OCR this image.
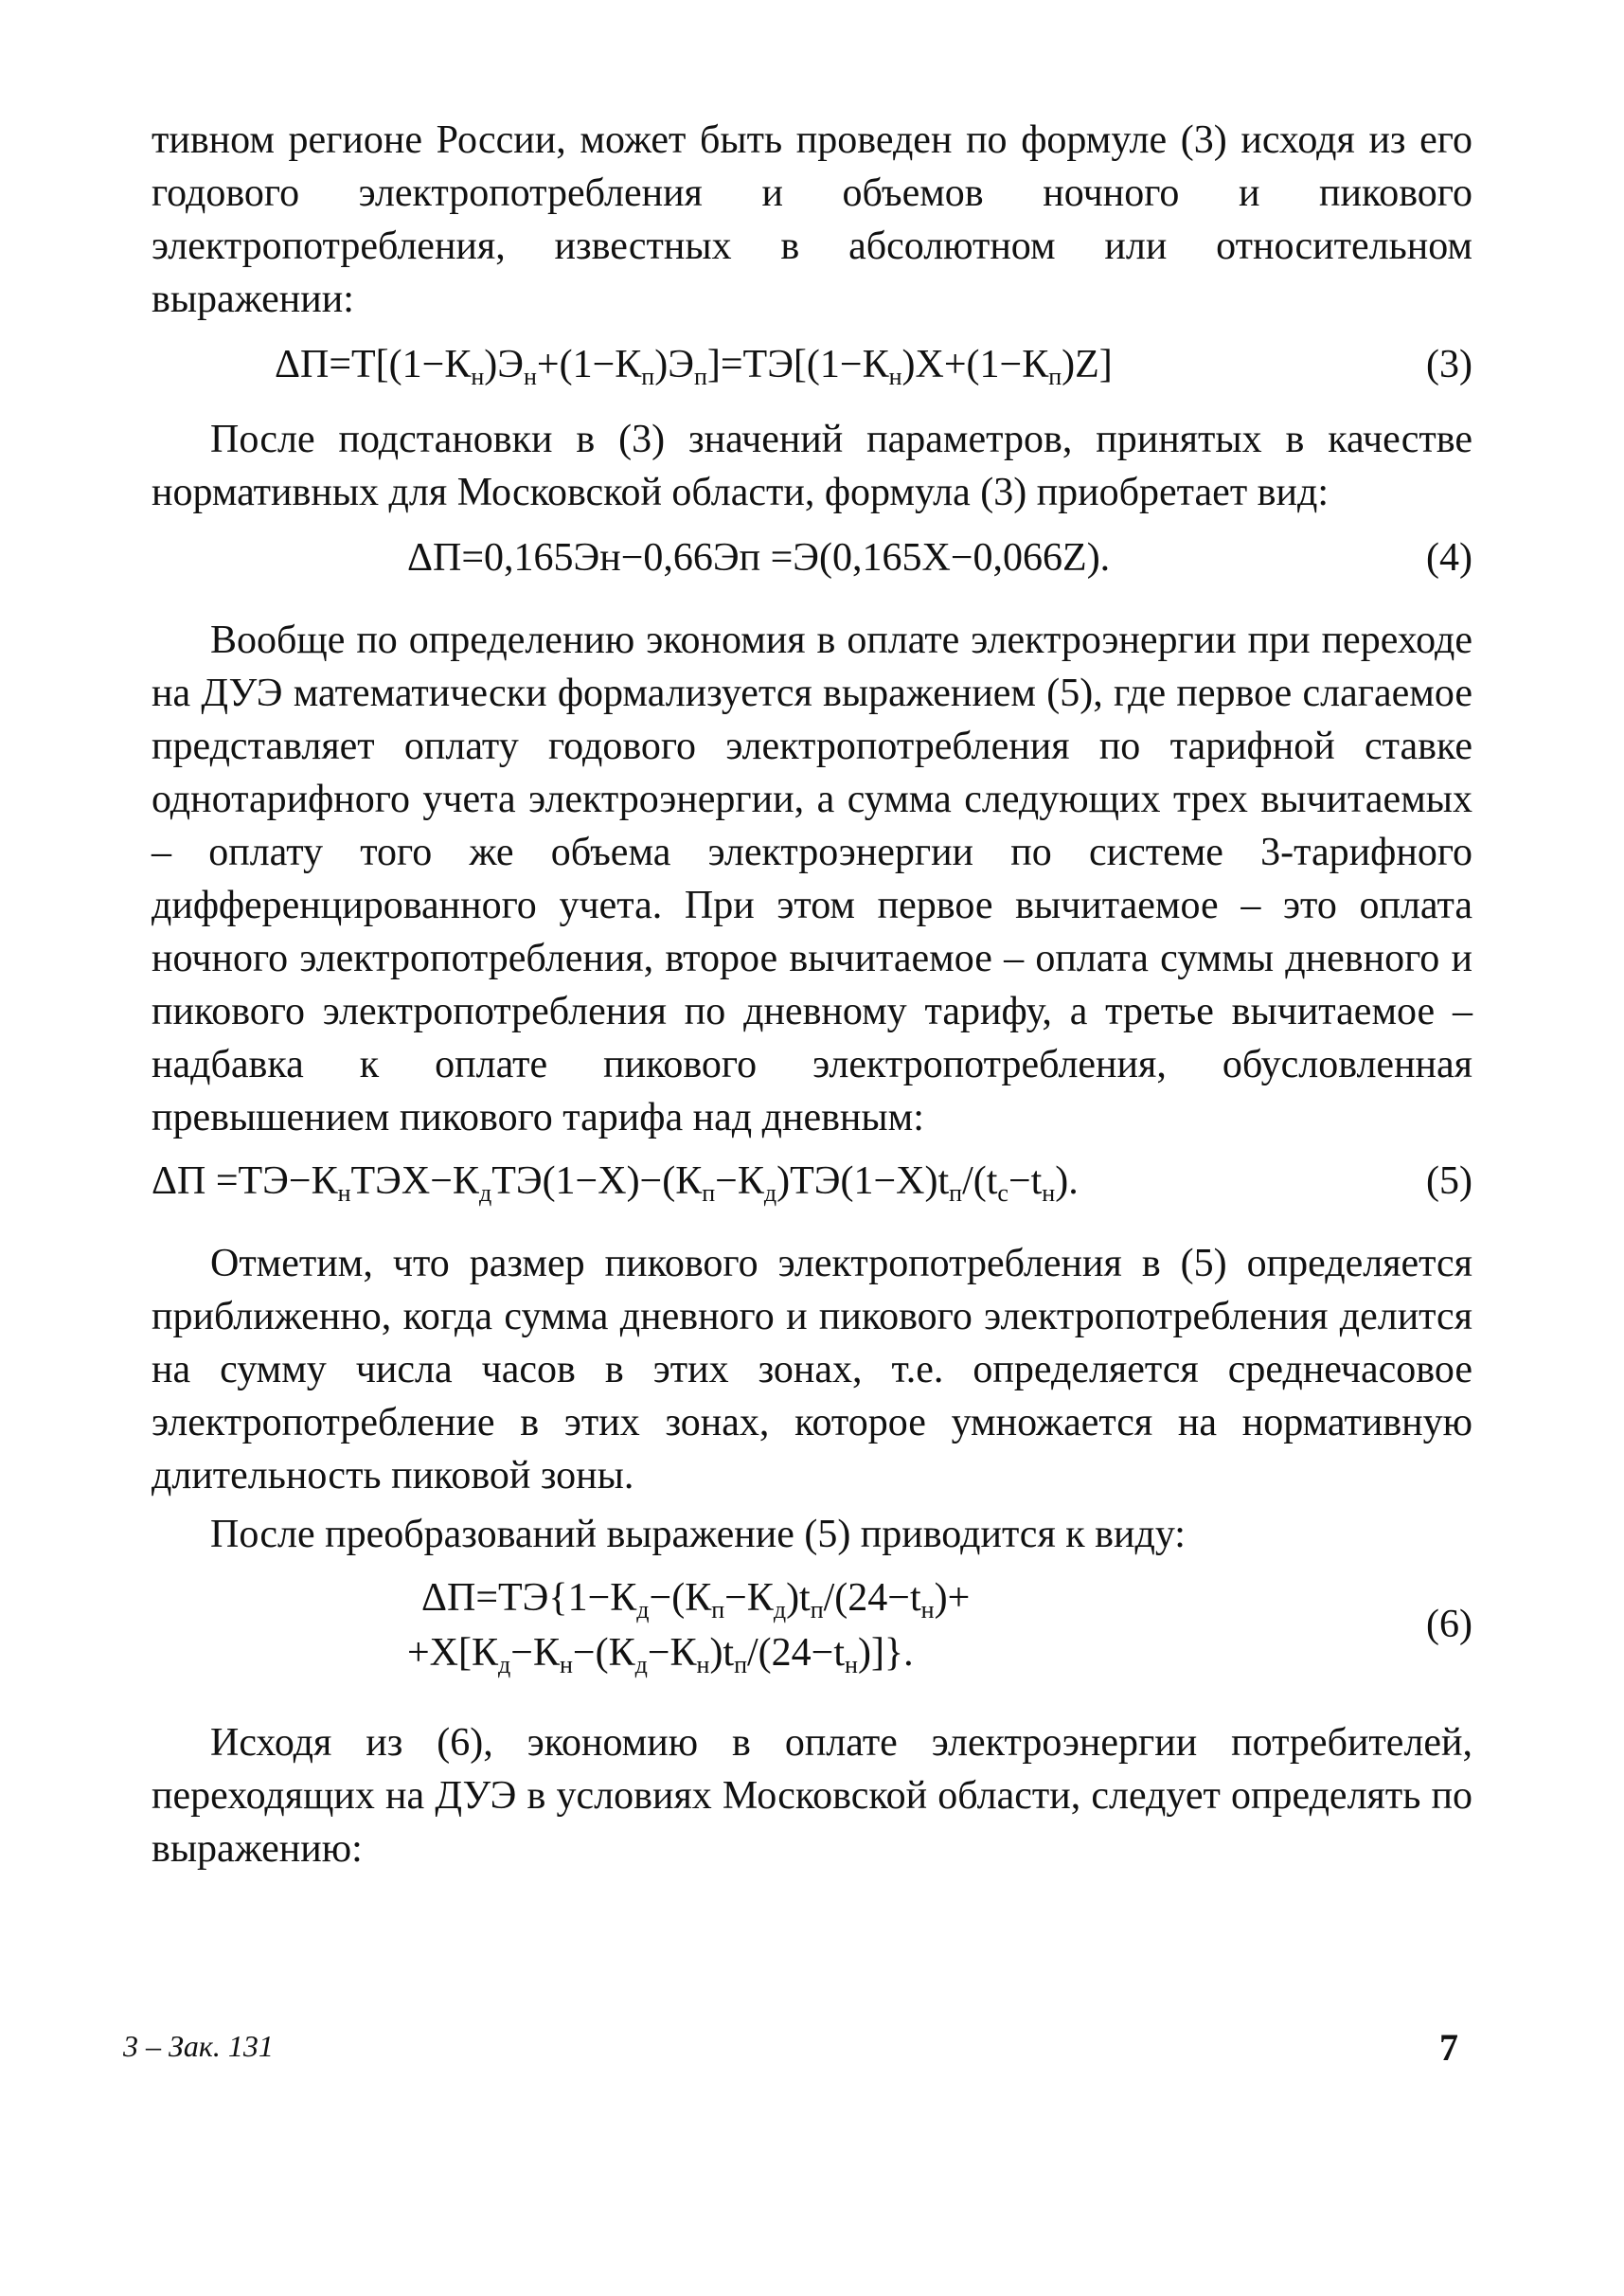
тивном регионе России, может быть проведен по формуле (3) исходя из его годового электропотребления и объемов ночного и пикового электропотребления, известных в абсолютном или относительном выражении:

$\Delta П=Т[(1-К_н)Э_н+(1-К_п)Э_п]=ТЭ[(1-К_н)X+(1-К_п)Z]$	(3)

После подстановки в (3) значений параметров, принятых в качестве нормативных для Московской области, формула (3) приобретает вид:

ΔП=0,165Эн−0,66Эп =Э(0,165X−0,066Z).	(4)

Вообще по определению экономия в оплате электроэнергии при переходе на ДУЭ математически формализуется выражением (5), где первое слагаемое представляет оплату годового электропотребления по тарифной ставке однотарифного учета электроэнергии, а сумма следующих трех вычитаемых – оплату того же объема электроэнергии по системе 3-тарифного дифференцированного учета. При этом первое вычитаемое – это оплата ночного электропотребления, второе вычитаемое – оплата суммы дневного и пикового электропотребления по дневному тарифу, а третье вычитаемое – надбавка к оплате пикового электропотребления, обусловленная превышением пикового тарифа над дневным:

$\Delta П =ТЭ-К_нТЭX-К_дТЭ(1-X)-(К_п-К_д)ТЭ(1-X)t_п/(t_с-t_н)$.	(5)

Отметим, что размер пикового электропотребления в (5) определяется приближенно, когда сумма дневного и пикового электропотребления делится на сумму числа часов в этих зонах, т.е. определяется среднечасовое электропотребление в этих зонах, которое умножается на нормативную длительность пиковой зоны.

После преобразований выражение (5) приводится к виду:

$\Delta П=ТЭ\{1-К_д-(К_п-К_д)t_п/(24-t_н)+$
$+X[К_д-К_н-(К_д-К_н)t_п/(24-t_н)]$}.
(6)

Исходя из (6), экономию в оплате электроэнергии потребителей, переходящих на ДУЭ в условиях Московской области, следует определять по выражению:

3 – Зак. 131	7
